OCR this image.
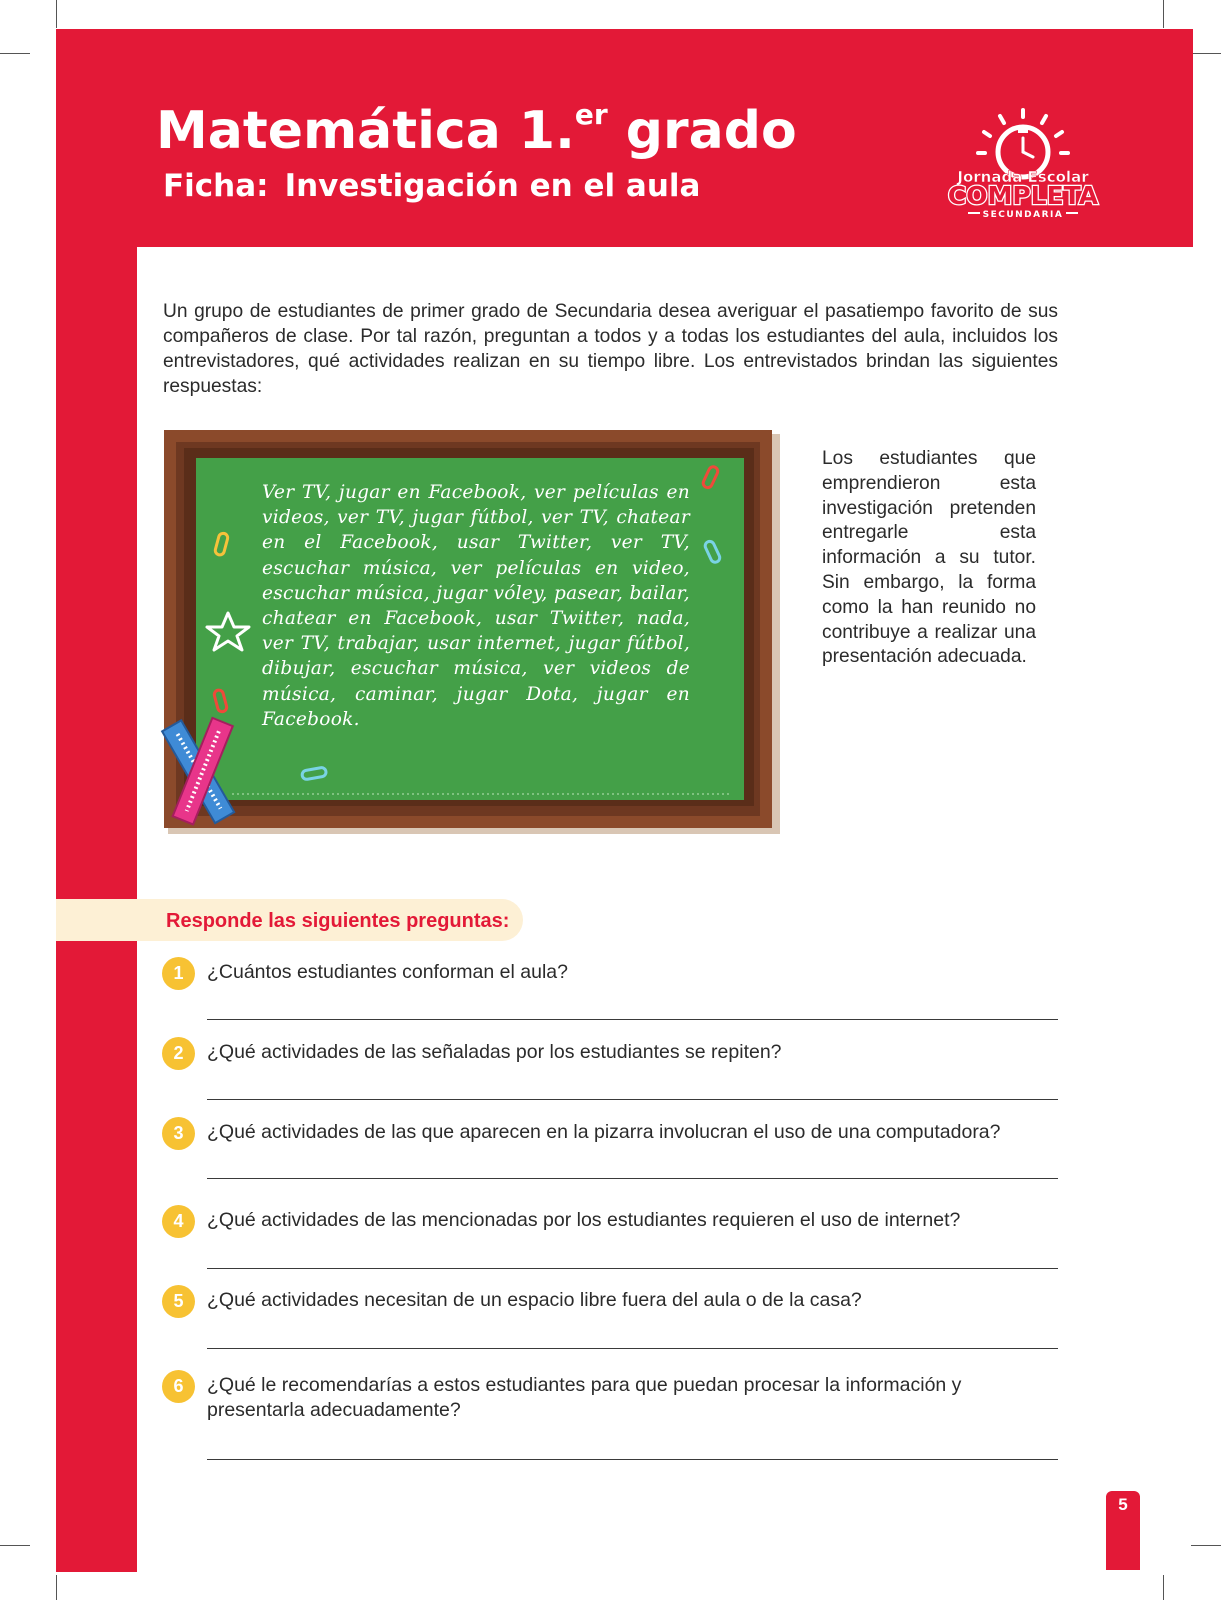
Matemática 1.$^{er}$ grado
Ficha: Investigación en el aula	Jornada Escolar
COMPLETA
SECUNDARIA

Un grupo de estudiantes de primer grado de Secundaria desea averiguar el pasatiempo favorito de sus compañeros de clase. Por tal razón, preguntan a todos y a todas los estudiantes del aula, incluidos los entrevistadores, qué actividades realizan en su tiempo libre. Los entrevistados brindan las siguientes respuestas:

Ver TV, jugar en Facebook, ver películas en videos, ver TV, jugar fútbol, ver TV, chatear en el Facebook, usar Twitter, ver TV, escuchar música, ver películas en video, escuchar música, jugar vóley, pasear, bailar, chatear en Facebook, usar Twitter, nada, ver TV, trabajar, usar internet, jugar fútbol, dibujar, escuchar música, ver videos de música, caminar, jugar Dota, jugar en Facebook.

Los estudiantes que emprendieron esta investigación pretenden entregarle esta información a su tutor. Sin embargo, la forma como la han reunido no contribuye a realizar una presentación adecuada.

Responde las siguientes preguntas:

1	¿Cuántos estudiantes conforman el aula?

2	¿Qué actividades de las señaladas por los estudiantes se repiten?

3	¿Qué actividades de las que aparecen en la pizarra involucran el uso de una computadora?

4	¿Qué actividades de las mencionadas por los estudiantes requieren el uso de internet?

5	¿Qué actividades necesitan de un espacio libre fuera del aula o de la casa?

6	¿Qué le recomendarías a estos estudiantes para que puedan procesar la información y presentarla adecuadamente?

5
